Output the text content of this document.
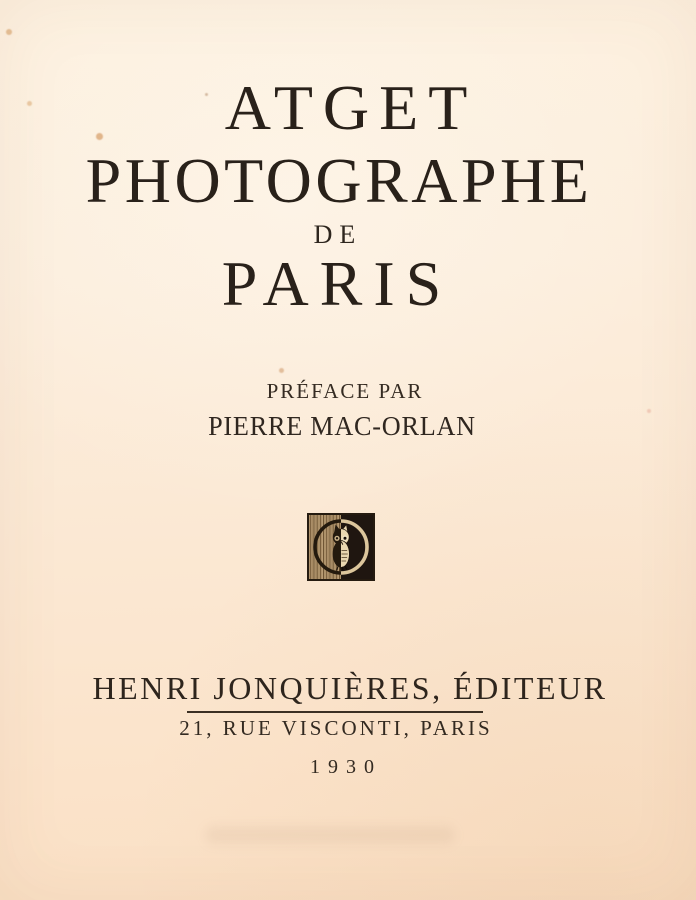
ATGET
PHOTOGRAPHE
DE
PARIS
PRÉFACE PAR
PIERRE MAC-ORLAN
HENRI JONQUIÈRES, ÉDITEUR
21, RUE VISCONTI, PARIS
1930
